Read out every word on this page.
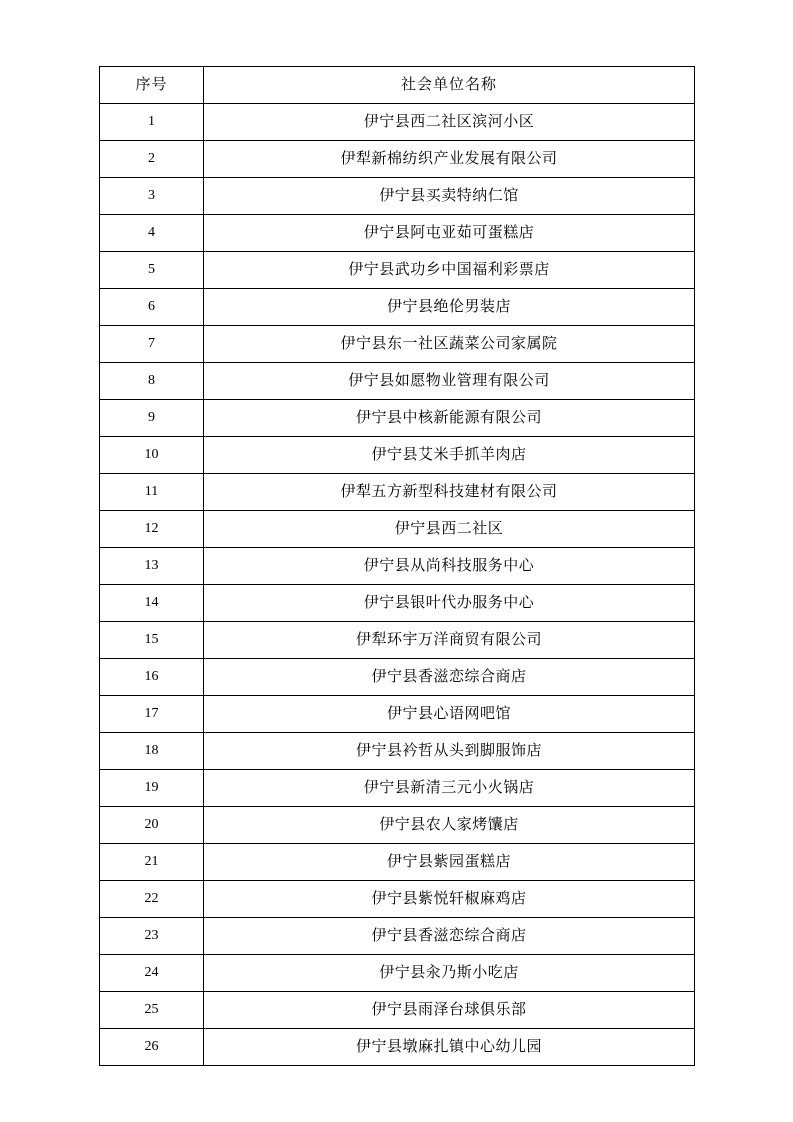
序号	社会单位名称
1	伊宁县西二社区滨河小区
2	伊犁新棉纺织产业发展有限公司
3	伊宁县买卖特纳仁馆
4	伊宁县阿屯亚茹可蛋糕店
5	伊宁县武功乡中国福利彩票店
6	伊宁县绝伦男装店
7	伊宁县东一社区蔬菜公司家属院
8	伊宁县如愿物业管理有限公司
9	伊宁县中核新能源有限公司
10	伊宁县艾米手抓羊肉店
11	伊犁五方新型科技建材有限公司
12	伊宁县西二社区
13	伊宁县从尚科技服务中心
14	伊宁县银叶代办服务中心
15	伊犁环宇万洋商贸有限公司
16	伊宁县香滋恋综合商店
17	伊宁县心语网吧馆
18	伊宁县衿哲从头到脚服饰店
19	伊宁县新清三元小火锅店
20	伊宁县农人家烤馕店
21	伊宁县紫园蛋糕店
22	伊宁县紫悦轩椒麻鸡店
23	伊宁县香滋恋综合商店
24	伊宁县汆乃斯小吃店
25	伊宁县雨泽台球俱乐部
26	伊宁县墩麻扎镇中心幼儿园
